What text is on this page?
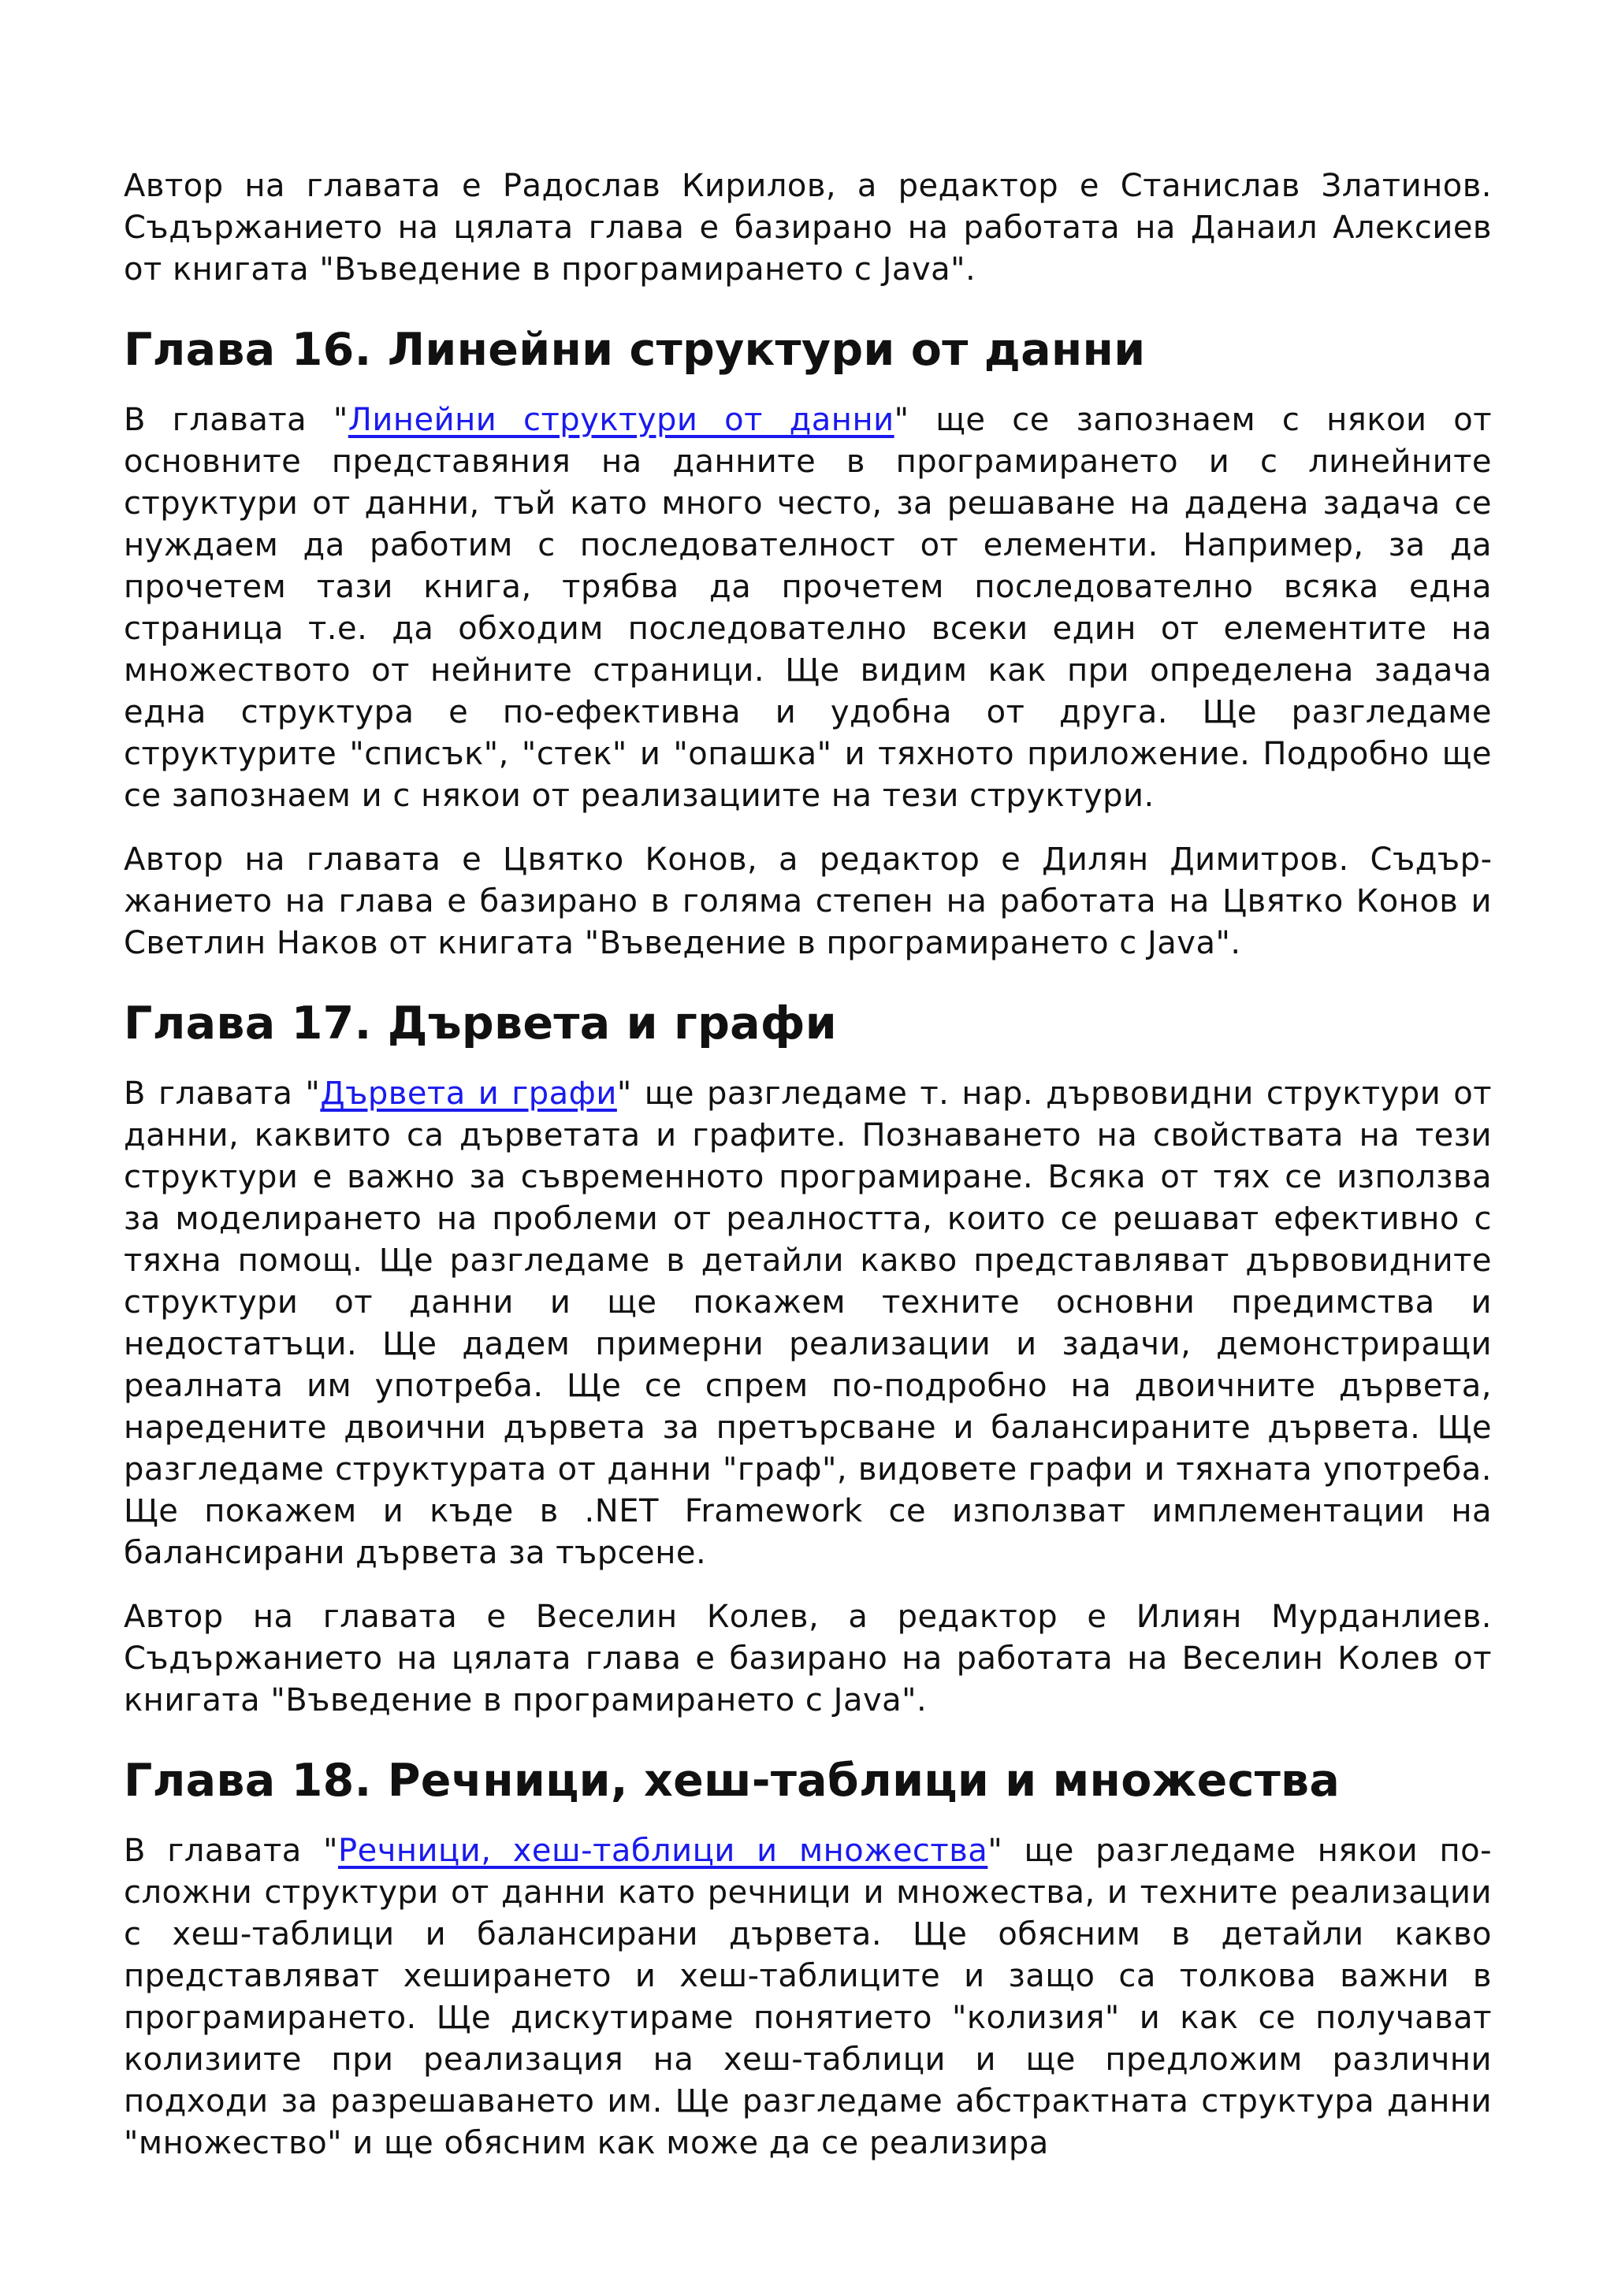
Автор на главата е Радослав Кирилов, а редактор е Станислав Златинов. Съдържанието на цялата глава е базирано на работата на Данаил Алексиев от книгата "Въведение в програмирането с Java".

Глава 16. Линейни структури от данни

В главата "Линейни структури от данни" ще се запознаем с някои от основните представяния на данните в програмирането и с линейните структури от данни, тъй като много често, за решаване на дадена задача се нуждаем да работим с последователност от елементи. Например, за да прочетем тази книга, трябва да прочетем последователно всяка една страница т.е. да обходим последователно всеки един от елементите на множеството от нейните страници. Ще видим как при определена задача една структура е по-ефективна и удобна от друга. Ще разгледаме структурите "списък", "стек" и "опашка" и тяхното приложение. Подробно ще се запознаем и с някои от реализациите на тези структури.

Автор на главата е Цвятко Конов, а редактор е Дилян Димитров. Съдържанието на глава е базирано в голяма степен на работата на Цвятко Конов и Светлин Наков от книгата "Въведение в програмирането с Java".

Глава 17. Дървета и графи

В главата "Дървета и графи" ще разгледаме т. нар. дървовидни структури от данни, каквито са дърветата и графите. Познаването на свойствата на тези структури е важно за съвременното програмиране. Всяка от тях се използва за моделирането на проблеми от реалността, които се решават ефективно с тяхна помощ. Ще разгледаме в детайли какво представляват дървовидните структури от данни и ще покажем техните основни предимства и недостатъци. Ще дадем примерни реализации и задачи, демонстриращи реалната им употреба. Ще се спрем по-подробно на двоичните дървета, наредените двоични дървета за претърсване и балансираните дървета. Ще разгледаме структурата от данни "граф", видовете графи и тяхната употреба. Ще покажем и къде в .NET Framework се използват имплементации на балансирани дървета за търсене.

Автор на главата е Веселин Колев, а редактор е Илиян Мурданлиев. Съдържанието на цялата глава е базирано на работата на Веселин Колев от книгата "Въведение в програмирането с Java".

Глава 18. Речници, хеш-таблици и множества

В главата "Речници, хеш-таблици и множества" ще разгледаме някои по-сложни структури от данни като речници и множества, и техните реализации с хеш-таблици и балансирани дървета. Ще обясним в детайли какво представляват хеширането и хеш-таблиците и защо са толкова важни в програмирането. Ще дискутираме понятието "колизия" и как се получават колизиите при реализация на хеш-таблици и ще предложим различни подходи за разрешаването им. Ще разгледаме абстрактната структура данни "множество" и ще обясним как може да се реализира
